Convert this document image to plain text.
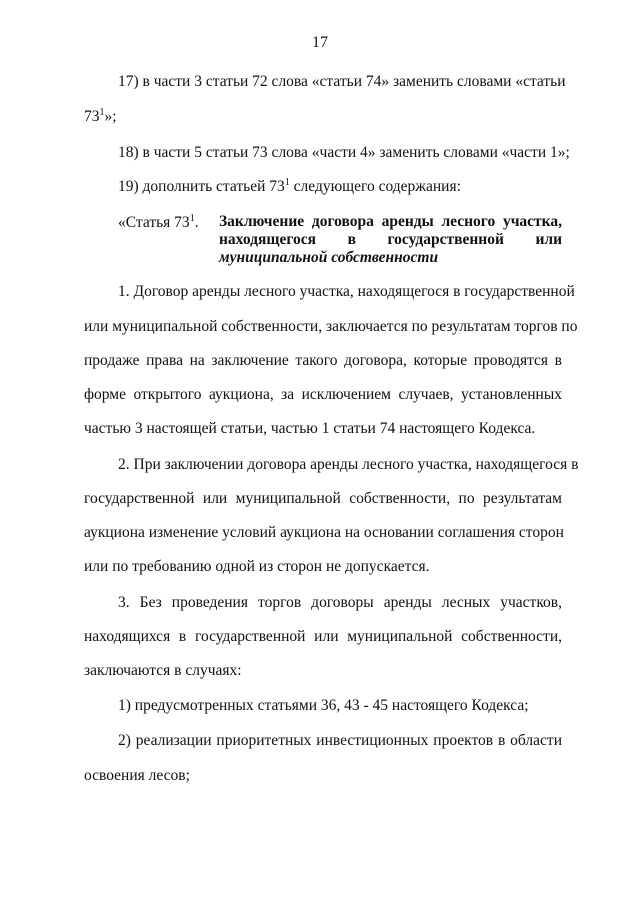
17
17) в части 3 статьи 72 слова «статьи 74» заменить словами «статьи
$73^1$»;
18) в части 5 статьи 73 слова «части 4» заменить словами «части 1»;
19) дополнить статьей $73^1$ следующего содержания:
«Статья $73^1$. Заключение договора аренды лесного участка,
находящегося в государственной или
муниципальной собственности
1. Договор аренды лесного участка, находящегося в государственной
или муниципальной собственности, заключается по результатам торгов по
продаже права на заключение такого договора, которые проводятся в
форме открытого аукциона, за исключением случаев, установленных
частью 3 настоящей статьи, частью 1 статьи 74 настоящего Кодекса.
2. При заключении договора аренды лесного участка, находящегося в
государственной или муниципальной собственности, по результатам
аукциона изменение условий аукциона на основании соглашения сторон
или по требованию одной из сторон не допускается.
3. Без проведения торгов договоры аренды лесных участков,
находящихся в государственной или муниципальной собственности,
заключаются в случаях:
1) предусмотренных статьями 36, 43 - 45 настоящего Кодекса;
2) реализации приоритетных инвестиционных проектов в области
освоения лесов;
